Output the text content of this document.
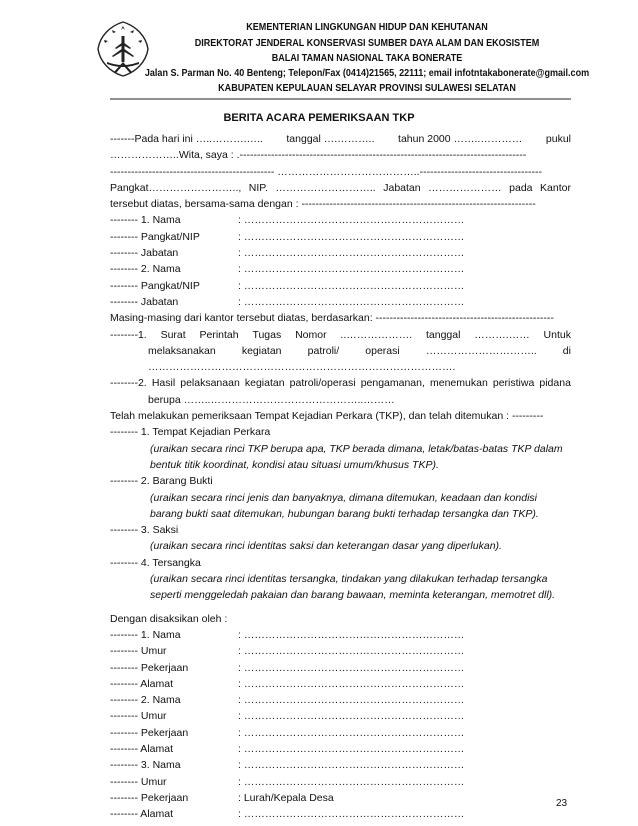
KEMENTERIAN LINGKUNGAN HIDUP DAN KEHUTANAN
DIREKTORAT JENDERAL KONSERVASI SUMBER DAYA ALAM DAN EKOSISTEM
BALAI TAMAN NASIONAL TAKA BONERATE
Jalan S. Parman No. 40 Benteng; Telepon/Fax (0414)21565, 22111; email infotntakabonerate@gmail.com
KABUPATEN KEPULAUAN SELAYAR PROVINSI SULAWESI SELATAN
BERITA ACARA PEMERIKSAAN TKP
-------Pada hari ini …..……….….. tanggal ….……….. tahun 2000 ……..………… pukul
………………..Wita, saya : .----------------------------------------------------------------------------------
----------------------------------------------- …………………………………..-----------------------------------
Pangkat…………………….., NIP. ……………………….. Jabatan ………………… pada Kantor
tersebut diatas, bersama-sama dengan : -------------------------------------------------------------------
-------- 1. Nama	: ………………………………………………………
-------- Pangkat/NIP	: ………………………………………………………
-------- Jabatan	: ………………………………………………………
-------- 2. Nama	: ………………………………………………………
-------- Pangkat/NIP	: ………………………………………………………
-------- Jabatan	: ………………………………………………………
Masing-masing dari kantor tersebut diatas, berdasarkan: ---------------------------------------------------
--------1. Surat Perintah Tugas Nomor ..………………. tanggal ……….…… Untuk
melaksanakan kegiatan patroli/ operasi ………………………….. di
…………………………………………………………………………….
--------2. Hasil pelaksanaan kegiatan patroli/operasi pengamanan, menemukan peristiwa pidana
berupa ……..……………………………………..………
Telah melakukan pemeriksaan Tempat Kejadian Perkara (TKP), dan telah ditemukan : ---------
-------- 1. Tempat Kejadian Perkara
(uraikan secara rinci TKP berupa apa, TKP berada dimana, letak/batas-batas TKP dalam
bentuk titik koordinat, kondisi atau situasi umum/khusus TKP).
-------- 2. Barang Bukti
(uraikan secara rinci jenis dan banyaknya, dimana ditemukan, keadaan dan kondisi
barang bukti saat ditemukan, hubungan barang bukti terhadap tersangka dan TKP).
-------- 3. Saksi
(uraikan secara rinci identitas saksi dan keterangan dasar yang diperlukan).
-------- 4. Tersangka
(uraikan secara rinci identitas tersangka, tindakan yang dilakukan terhadap tersangka
seperti menggeledah pakaian dan barang bawaan, meminta keterangan, memotret dll).
Dengan disaksikan oleh :
-------- 1. Nama	: ………………………………………………………
-------- Umur	: ………………………………………………………
-------- Pekerjaan	: ………………………………………………………
-------- Alamat	: ………………………………………………………
-------- 2. Nama	: ………………………………………………………
-------- Umur	: ………………………………………………………
-------- Pekerjaan	: ………………………………………………………
-------- Alamat	: ………………………………………………………
-------- 3. Nama	: ………………………………………………………
-------- Umur	: ………………………………………………………
-------- Pekerjaan	: Lurah/Kepala Desa
-------- Alamat	: ………………………………………………………
23
